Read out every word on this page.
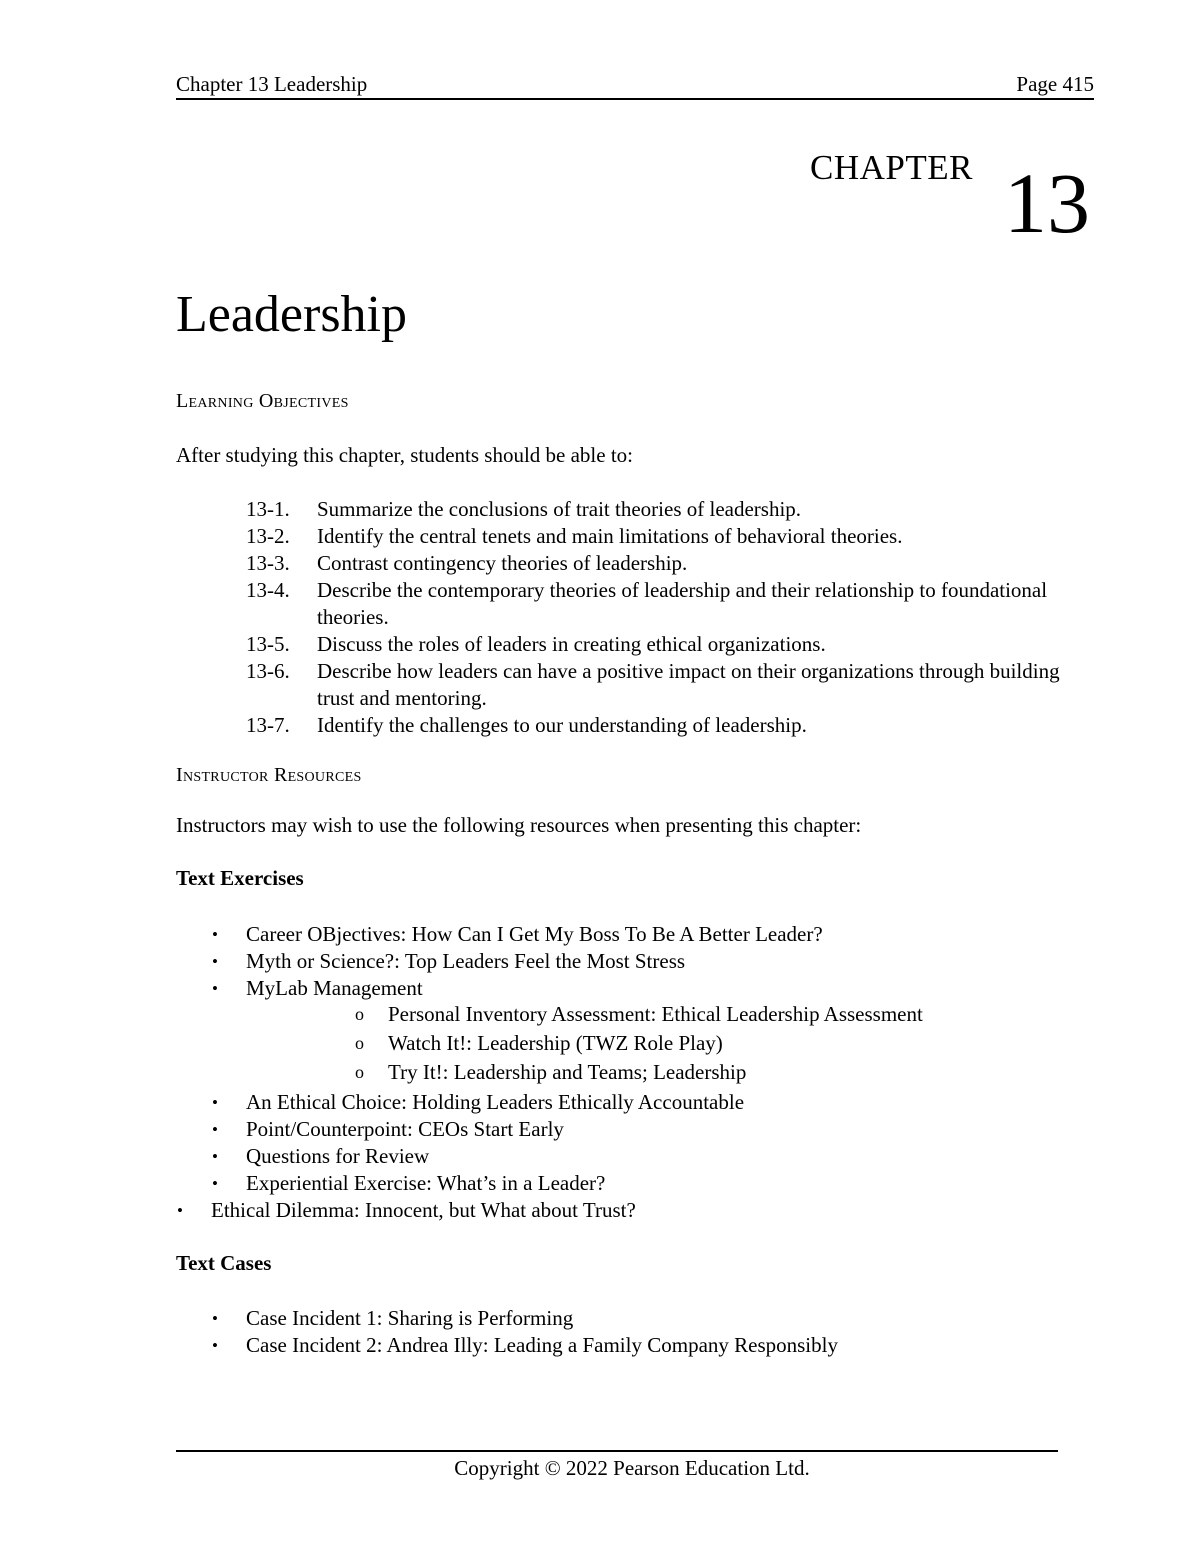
Chapter 13 Leadership	Page 415
CHAPTER 13
Leadership
Learning Objectives
After studying this chapter, students should be able to:
13-1.	Summarize the conclusions of trait theories of leadership.
13-2.	Identify the central tenets and main limitations of behavioral theories.
13-3.	Contrast contingency theories of leadership.
13-4.	Describe the contemporary theories of leadership and their relationship to foundational theories.
13-5.	Discuss the roles of leaders in creating ethical organizations.
13-6.	Describe how leaders can have a positive impact on their organizations through building trust and mentoring.
13-7.	Identify the challenges to our understanding of leadership.
Instructor Resources
Instructors may wish to use the following resources when presenting this chapter:
Text Exercises
• Career OBjectives: How Can I Get My Boss To Be A Better Leader?
• Myth or Science?: Top Leaders Feel the Most Stress
• MyLab Management
o Personal Inventory Assessment: Ethical Leadership Assessment
o Watch It!: Leadership (TWZ Role Play)
o Try It!: Leadership and Teams; Leadership
• An Ethical Choice: Holding Leaders Ethically Accountable
• Point/Counterpoint: CEOs Start Early
• Questions for Review
• Experiential Exercise: What’s in a Leader?
• Ethical Dilemma: Innocent, but What about Trust?
Text Cases
• Case Incident 1: Sharing is Performing
• Case Incident 2: Andrea Illy: Leading a Family Company Responsibly
Copyright © 2022 Pearson Education Ltd.
